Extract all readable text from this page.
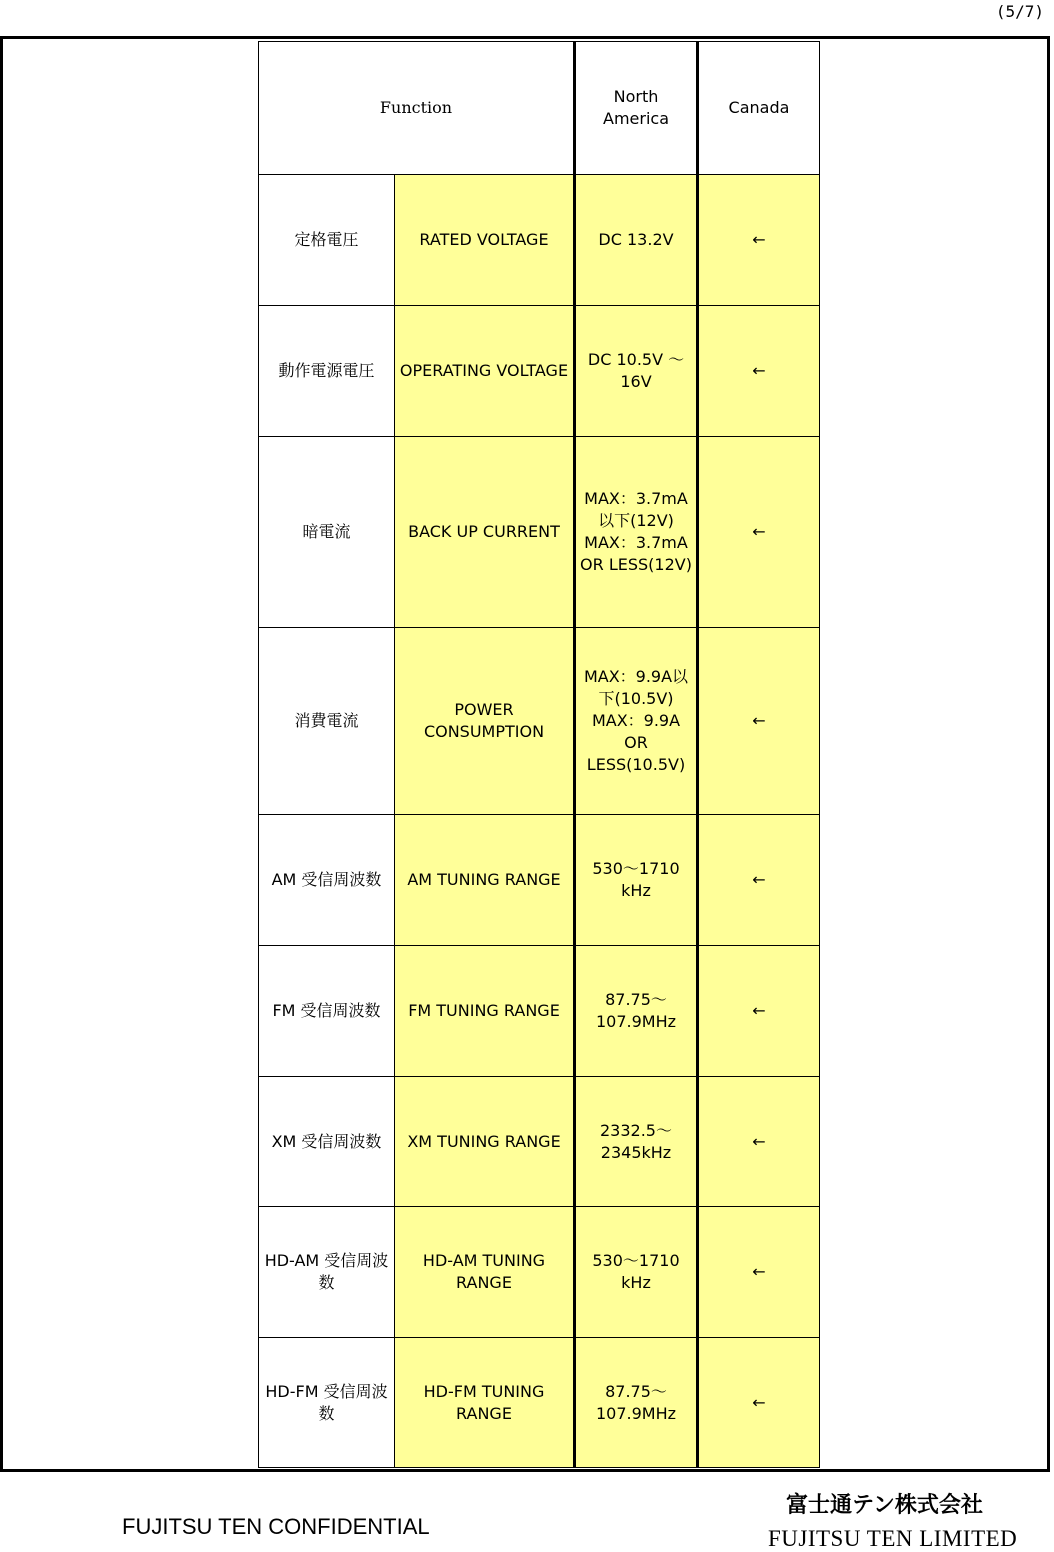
(5/7)
Function		North America	Canada
定格電圧	RATED VOLTAGE	DC 13.2V	←
動作電源電圧	OPERATING VOLTAGE	DC 10.5V ～16V	←
暗電流	BACK UP CURRENT	MAX：3.7mA以下(12V) MAX：3.7mA OR LESS(12V)	←
消費電流	POWER CONSUMPTION	MAX：9.9A以下(10.5V) MAX：9.9A OR LESS(10.5V)	←
AM 受信周波数	AM TUNING RANGE	530～1710 kHz	←
FM 受信周波数	FM TUNING RANGE	87.75～107.9MHz	←
XM 受信周波数	XM TUNING RANGE	2332.5～2345kHz	←
HD-AM 受信周波数	HD-AM TUNING RANGE	530～1710 kHz	←
HD-FM 受信周波数	HD-FM TUNING RANGE	87.75～107.9MHz	←
FUJITSU TEN CONFIDENTIAL
富士通テン株式会社
FUJITSU TEN LIMITED
